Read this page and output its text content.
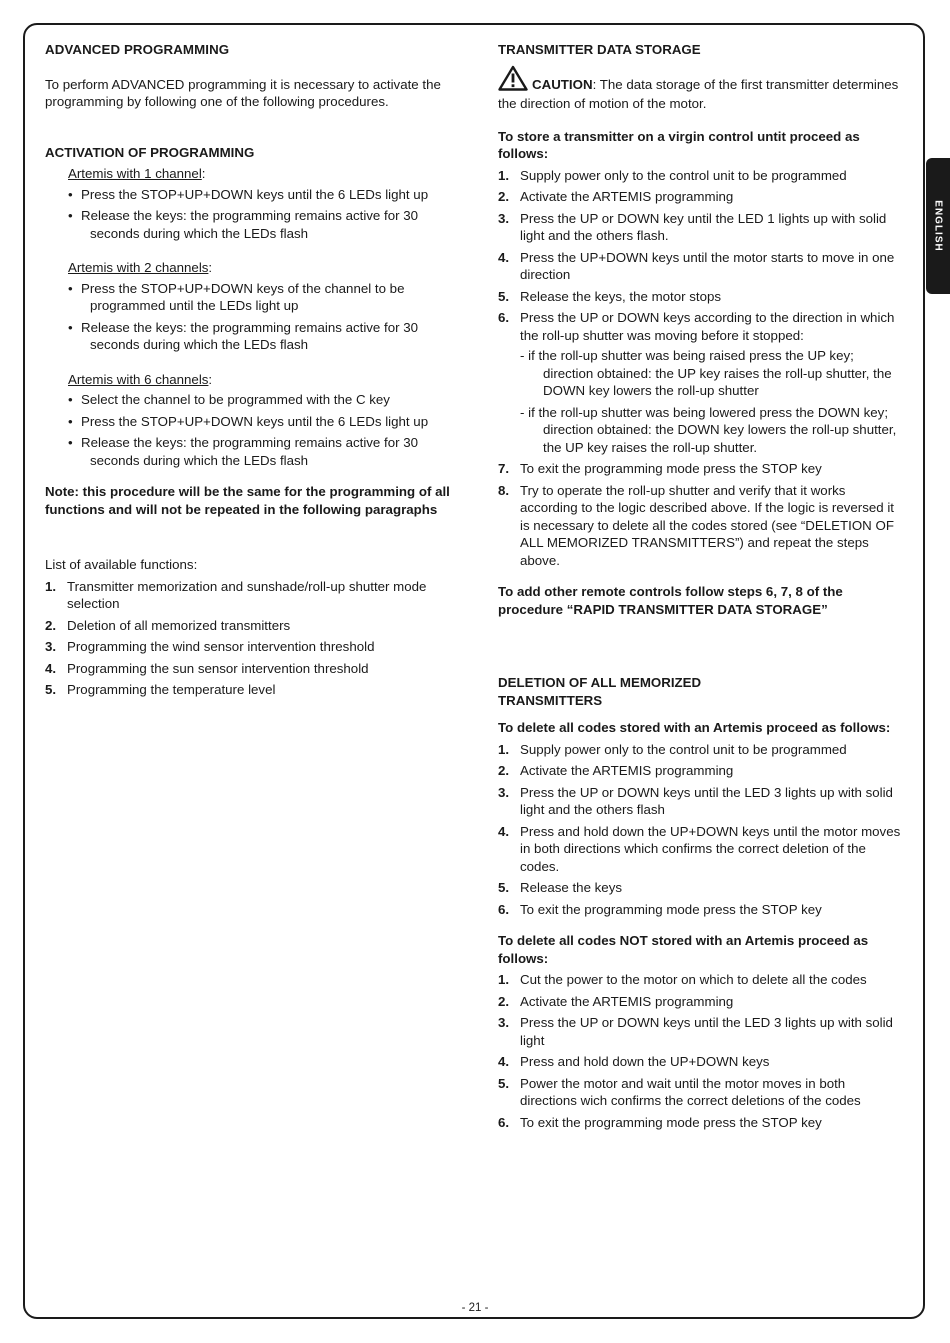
ENGLISH
ADVANCED PROGRAMMING

To perform ADVANCED programming it is necessary to activate the programming by following one of the following procedures.

ACTIVATION OF PROGRAMMING

Artemis with 1 channel:

• Press the STOP+UP+DOWN keys until the 6 LEDs light up
• Release the keys: the programming remains active for 30 seconds during which the LEDs flash

Artemis with 2 channels:

• Press the STOP+UP+DOWN keys of the channel to be programmed until the LEDs light up
• Release the keys: the programming remains active for 30 seconds during which the LEDs flash

Artemis with 6 channels:

• Select the channel to be programmed with the C key
• Press the STOP+UP+DOWN keys until the 6 LEDs light up
• Release the keys: the programming remains active for 30 seconds during which the LEDs flash

Note: this procedure will be the same for the programming of all functions and will not be repeated in the following paragraphs

List of available functions:

1. Transmitter memorization and sunshade/roll-up shutter mode selection
2. Deletion of all memorized transmitters
3. Programming the wind sensor intervention threshold
4. Programming the sun sensor intervention threshold
5. Programming the temperature level
TRANSMITTER DATA STORAGE

CAUTION: The data storage of the first transmitter determines the direction of motion of the motor.

To store a transmitter on a virgin control untit proceed as follows:

1. Supply power only to the control unit to be programmed
2. Activate the ARTEMIS programming
3. Press the UP or DOWN key until the LED 1 lights up with solid light and the others flash.
4. Press the UP+DOWN keys until the motor starts to move in one direction
5. Release the keys, the motor stops
6. Press the UP or DOWN keys according to the direction in which the roll-up shutter was moving before it stopped:
- if the roll-up shutter was being raised press the UP key; direction obtained: the UP key raises the roll-up shutter, the DOWN key lowers the roll-up shutter
- if the roll-up shutter was being lowered press the DOWN key; direction obtained: the DOWN key lowers the roll-up shutter, the UP key raises the roll-up shutter.
7. To exit the programming mode press the STOP key
8. Try to operate the roll-up shutter and verify that it works according to the logic described above. If the logic is reversed it is necessary to delete all the codes stored (see “DELETION OF ALL MEMORIZED TRANSMITTERS”) and repeat the steps above.

To add other remote controls follow steps 6, 7, 8 of the procedure “RAPID TRANSMITTER DATA STORAGE”

DELETION OF ALL MEMORIZED
TRANSMITTERS

To delete all codes stored with an Artemis proceed as follows:

1. Supply power only to the control unit to be programmed
2. Activate the ARTEMIS programming
3. Press the UP or DOWN keys until the LED 3 lights up with solid light and the others flash
4. Press and hold down the UP+DOWN keys until the motor moves in both directions which confirms the correct deletion of the codes.
5. Release the keys
6. To exit the programming mode press the STOP key

To delete all codes NOT stored with an Artemis proceed as follows:

1. Cut the power to the motor on which to delete all the codes
2. Activate the ARTEMIS programming
3. Press the UP or DOWN keys until the LED 3 lights up with solid light
4. Press and hold down the UP+DOWN keys
5. Power the motor and wait until the motor moves in both directions wich confirms the correct deletions of the codes
6. To exit the programming mode press the STOP key
- 21 -
